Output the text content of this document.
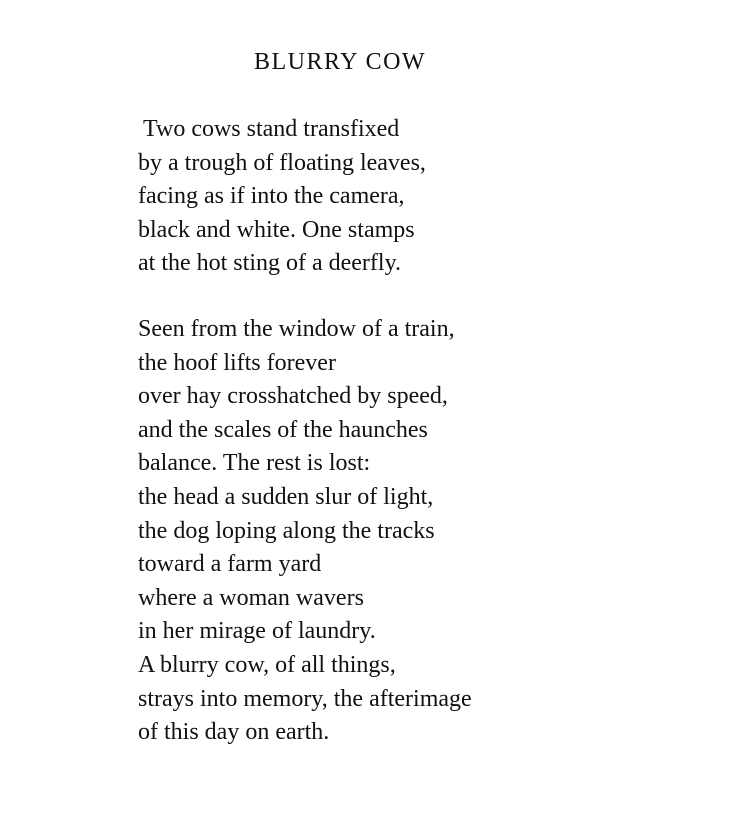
BLURRY COW
Two cows stand transfixed
by a trough of floating leaves,
facing as if into the camera,
black and white. One stamps
at the hot sting of a deerfly.
Seen from the window of a train,
the hoof lifts forever
over hay crosshatched by speed,
and the scales of the haunches
balance. The rest is lost:
the head a sudden slur of light,
the dog loping along the tracks
toward a farm yard
where a woman wavers
in her mirage of laundry.
A blurry cow, of all things,
strays into memory, the afterimage
of this day on earth.
